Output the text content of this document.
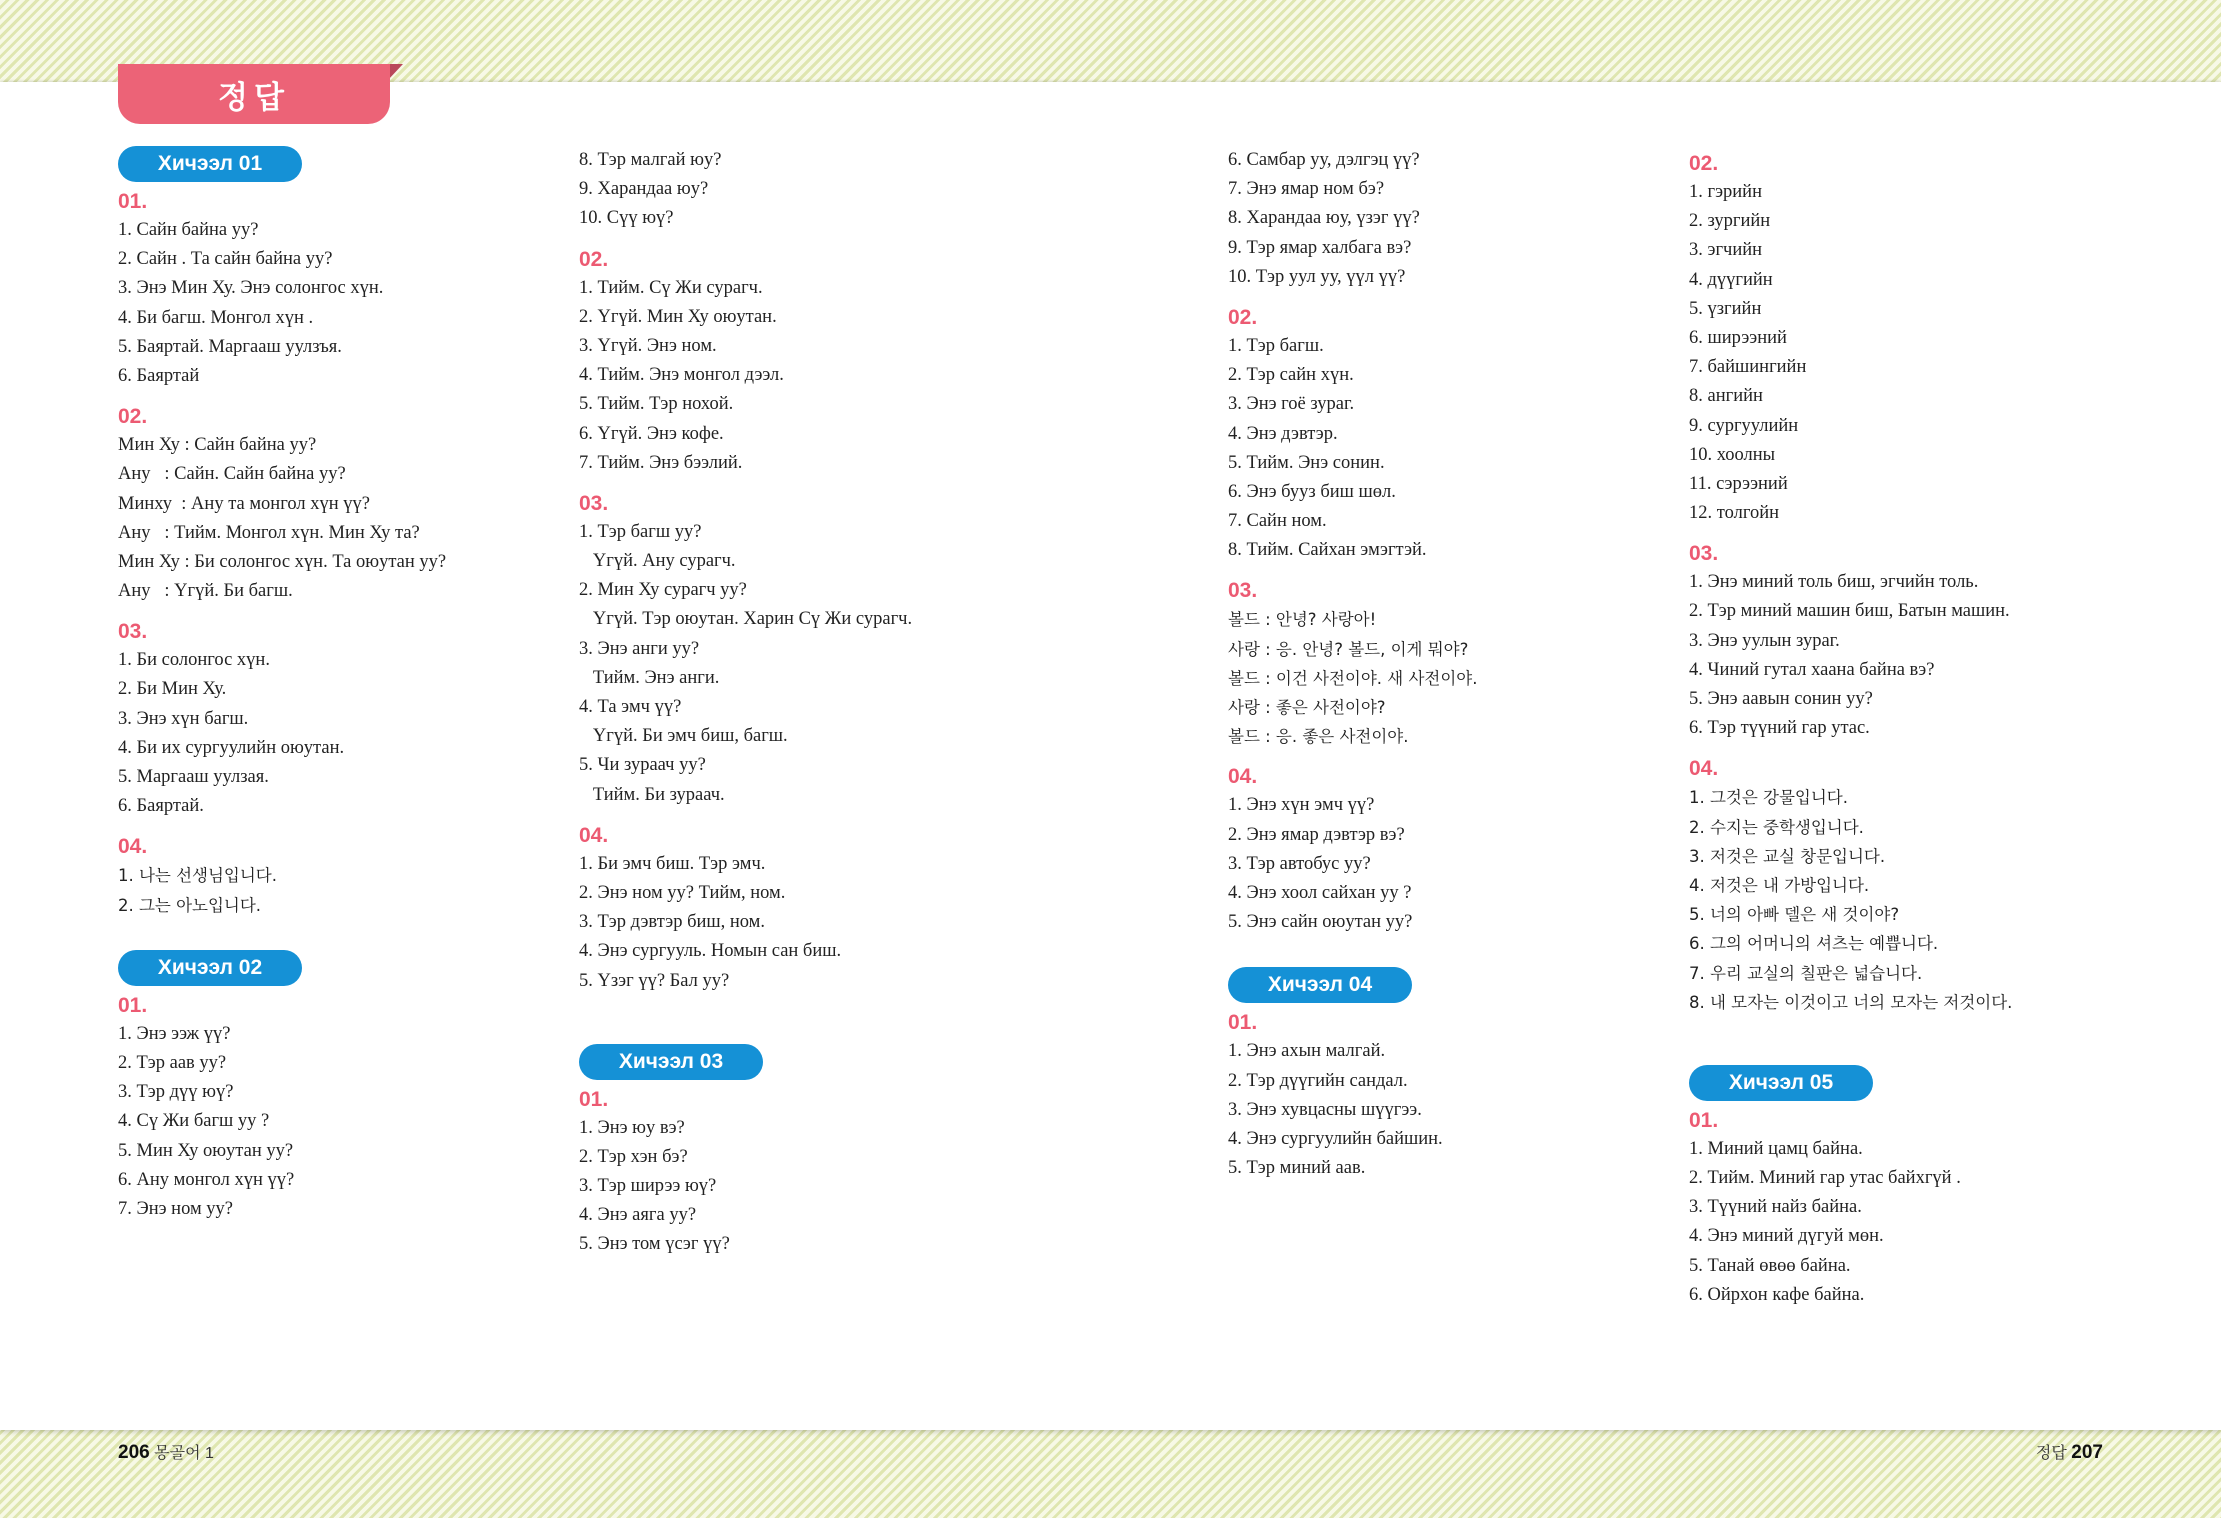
정답
Хичээл 01
01.
1. Сайн байна уу?
2. Сайн . Та сайн байна уу?
3. Энэ Мин Ху. Энэ солонгос хүн.
4. Би багш. Монгол хүн .
5. Баяртай. Маргааш уулзъя.
6. Баяртай
02.
Мин Ху : Сайн байна уу?
Ану   : Сайн. Сайн байна уу?
Минху  : Ану та монгол хүн үү?
Ану   : Тийм. Монгол хүн. Мин Ху та?
Мин Ху : Би солонгос хүн. Та оюутан уу?
Ану   : Үгүй. Би багш.
03.
1. Би солонгос хүн.
2. Би Мин Ху.
3. Энэ хүн багш.
4. Би их сургуулийн оюутан.
5. Маргааш уулзая.
6. Баяртай.
04.
1. 나는 선생님입니다.
2. 그는 아노입니다.
Хичээл 02
01.
1. Энэ ээж үү?
2. Тэр аав уу?
3. Тэр дүү юү?
4. Сү Жи багш уу ?
5. Мин Ху оюутан уу?
6. Ану монгол хүн үү?
7. Энэ ном уу?
8. Тэр малгай юу?
9. Харандаа юу?
10. Сүү юү?
02.
1. Тийм. Сү Жи сурагч.
2. Үгүй. Мин Ху оюутан.
3. Үгүй. Энэ ном.
4. Тийм. Энэ монгол дээл.
5. Тийм. Тэр нохой.
6. Үгүй. Энэ кофе.
7. Тийм. Энэ бээлий.
03.
1. Тэр багш уу?
Үгүй. Ану сурагч.
2. Мин Ху сурагч уу?
Үгүй. Тэр оюутан. Харин Сү Жи сурагч.
3. Энэ анги уу?
Тийм. Энэ анги.
4. Та эмч үү?
Үгүй. Би эмч биш, багш.
5. Чи зураач уу?
Тийм. Би зураач.
04.
1. Би эмч биш. Тэр эмч.
2. Энэ ном уу? Тийм, ном.
3. Тэр дэвтэр биш, ном.
4. Энэ сургууль. Номын сан биш.
5. Үзэг үү? Бал уу?
Хичээл 03
01.
1. Энэ юу вэ?
2. Тэр хэн бэ?
3. Тэр ширээ юү?
4. Энэ аяга уу?
5. Энэ том үсэг үү?
6. Самбар уу, дэлгэц үү?
7. Энэ ямар ном бэ?
8. Харандаа юу, үзэг үү?
9. Тэр ямар халбага вэ?
10. Тэр уул уу, үүл үү?
02.
1. Тэр багш.
2. Тэр сайн хүн.
3. Энэ гоё зураг.
4. Энэ дэвтэр.
5. Тийм. Энэ сонин.
6. Энэ бууз биш шөл.
7. Сайн ном.
8. Тийм. Сайхан эмэгтэй.
03.
볼드 : 안녕? 사랑아!
사랑 : 응. 안녕? 볼드, 이게 뭐야?
볼드 : 이건 사전이야. 새 사전이야.
사랑 : 좋은 사전이야?
볼드 : 응. 좋은 사전이야.
04.
1. Энэ хүн эмч үү?
2. Энэ ямар дэвтэр вэ?
3. Тэр автобус уу?
4. Энэ хоол сайхан уу ?
5. Энэ сайн оюутан уу?
Хичээл 04
01.
1. Энэ ахын малгай.
2. Тэр дүүгийн сандал.
3. Энэ хувцасны шүүгээ.
4. Энэ сургуулийн байшин.
5. Тэр миний аав.
02.
1. гэрийн
2. зургийн
3. эгчийн
4. дүүгийн
5. үзгийн
6. ширээний
7. байшингийн
8. ангийн
9. сургуулийн
10. хоолны
11. сэрээний
12. толгойн
03.
1. Энэ миний толь биш, эгчийн толь.
2. Тэр миний машин биш, Батын машин.
3. Энэ уулын зураг.
4. Чиний гутал хаана байна вэ?
5. Энэ аавын сонин уу?
6. Тэр түүний гар утас.
04.
1. 그것은 강물입니다.
2. 수지는 중학생입니다.
3. 저것은 교실 창문입니다.
4. 저것은 내 가방입니다.
5. 너의 아빠 델은 새 것이야?
6. 그의 어머니의 셔츠는 예쁩니다.
7. 우리 교실의 칠판은 넓습니다.
8. 내 모자는 이것이고 너의 모자는 저것이다.
Хичээл 05
01.
1. Миний цамц байна.
2. Тийм. Миний гар утас байхгүй .
3. Түүний найз байна.
4. Энэ миний дүгуй мөн.
5. Танай өвөө байна.
6. Ойрхон кафе байна.
206 몽골어 1	정답 207
